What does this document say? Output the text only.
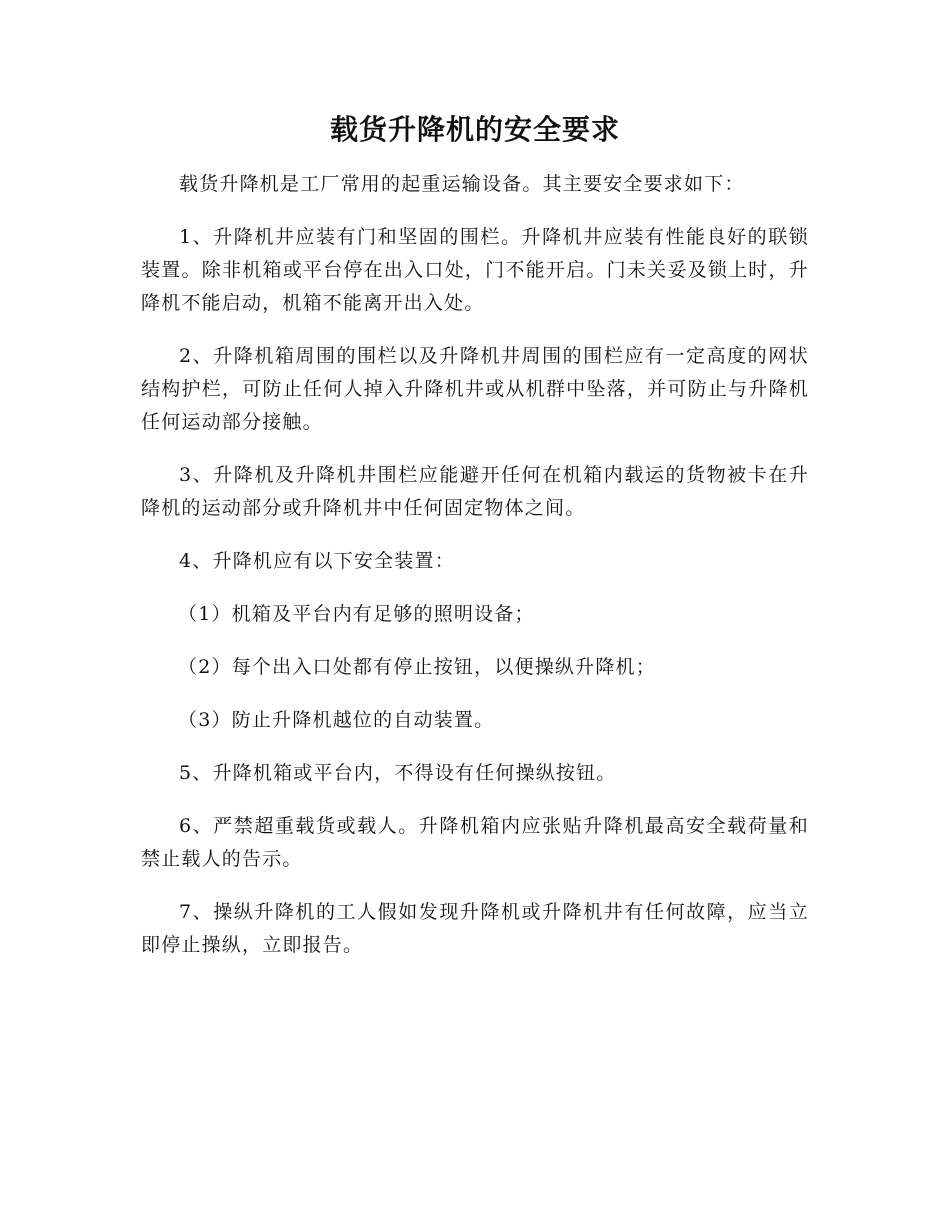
载货升降机的安全要求

载货升降机是工厂常用的起重运输设备。其主要安全要求如下：

1、升降机井应装有门和坚固的围栏。升降机井应装有性能良好的联锁装置。除非机箱或平台停在出入口处，门不能开启。门未关妥及锁上时，升降机不能启动，机箱不能离开出入处。

2、升降机箱周围的围栏以及升降机井周围的围栏应有一定高度的网状结构护栏，可防止任何人掉入升降机井或从机群中坠落，并可防止与升降机任何运动部分接触。

3、升降机及升降机井围栏应能避开任何在机箱内载运的货物被卡在升降机的运动部分或升降机井中任何固定物体之间。

4、升降机应有以下安全装置：

（1）机箱及平台内有足够的照明设备；

（2）每个出入口处都有停止按钮，以便操纵升降机；

（3）防止升降机越位的自动装置。

5、升降机箱或平台内，不得设有任何操纵按钮。

6、严禁超重载货或载人。升降机箱内应张贴升降机最高安全载荷量和禁止载人的告示。

7、操纵升降机的工人假如发现升降机或升降机井有任何故障，应当立即停止操纵，立即报告。
